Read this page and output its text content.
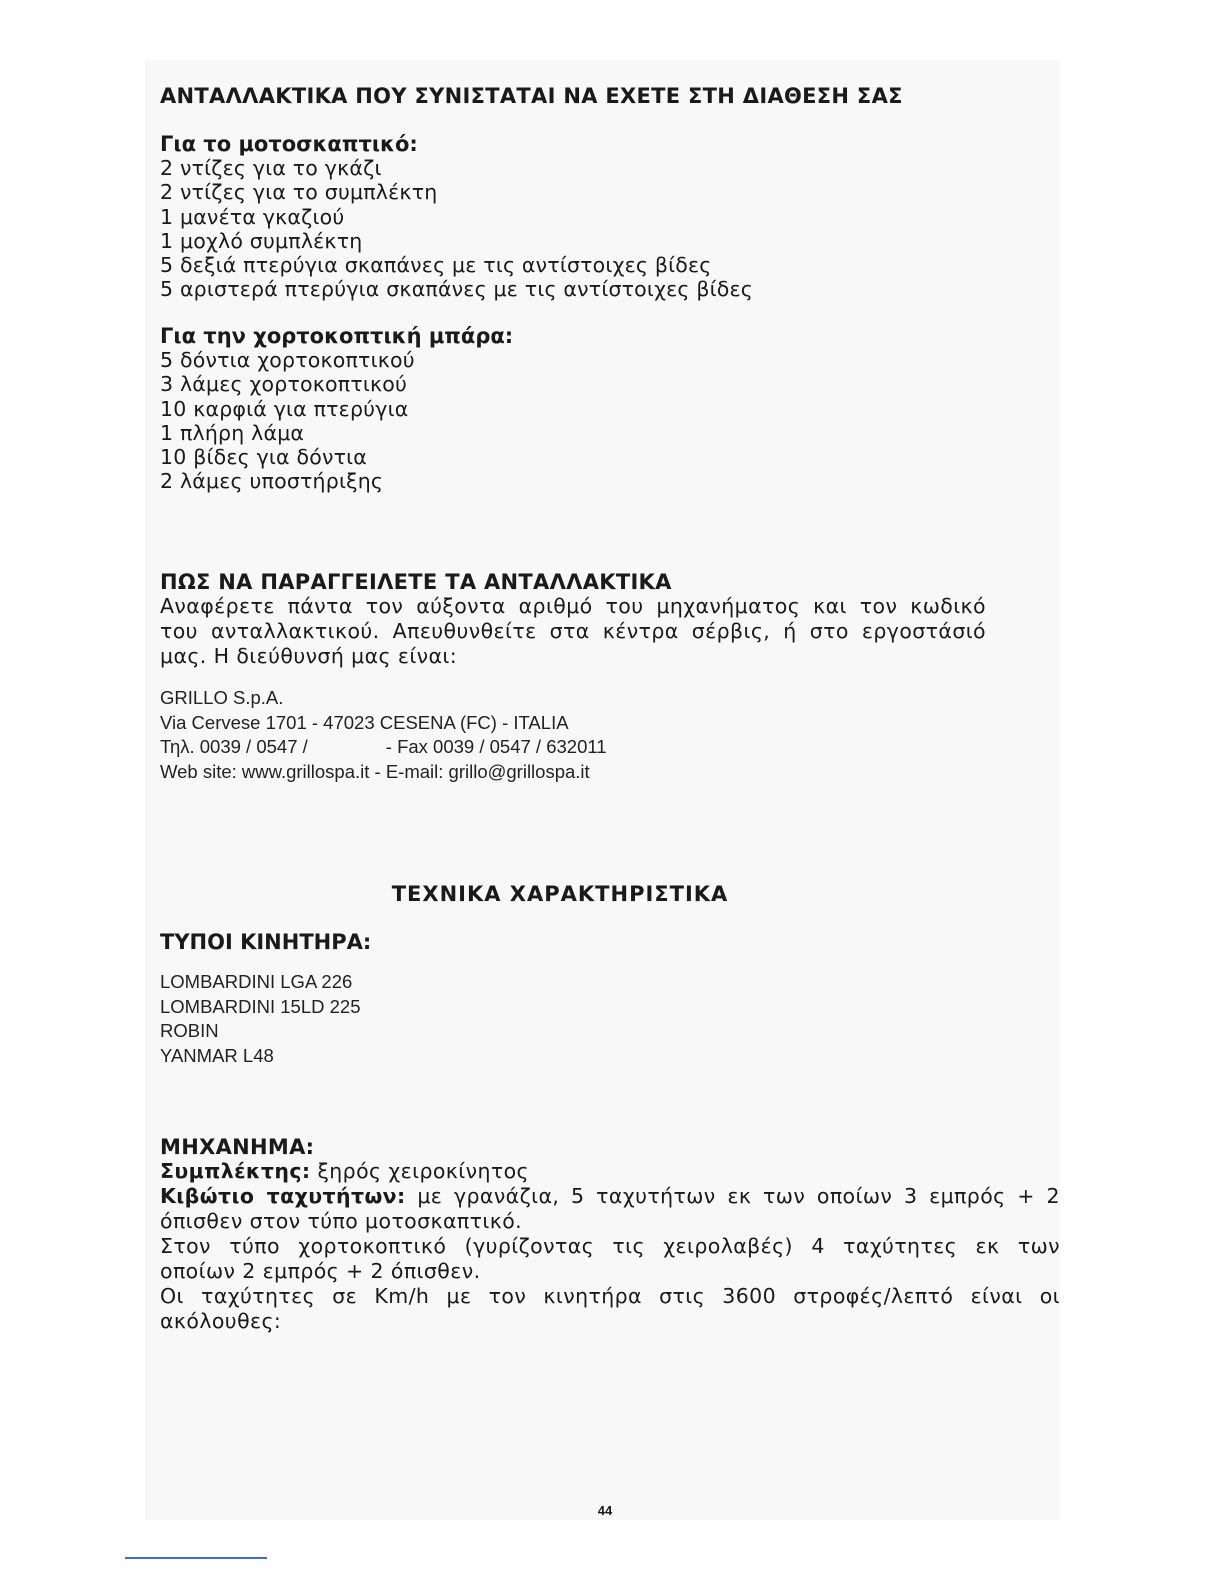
ΑΝΤΑΛΛΑΚΤΙΚΑ ΠΟΥ ΣΥΝΙΣΤΑΤΑΙ ΝΑ ΕΧΕΤΕ ΣΤΗ ΔΙΑΘΕΣΗ ΣΑΣ

Για το μοτοσκαπτικό:

2 ντίζες για το γκάζι
2 ντίζες για το συμπλέκτη
1 μανέτα γκαζιού
1 μοχλό συμπλέκτη
5 δεξιά πτερύγια σκαπάνες με τις αντίστοιχες βίδες
5 αριστερά πτερύγια σκαπάνες με τις αντίστοιχες βίδες

Για την χορτοκοπτική μπάρα:

5 δόντια χορτοκοπτικού
3 λάμες χορτοκοπτικού
10 καρφιά για πτερύγια
1 πλήρη λάμα
10 βίδες για δόντια
2 λάμες υποστήριξης

ΠΩΣ ΝΑ ΠΑΡΑΓΓΕΙΛΕΤΕ ΤΑ ΑΝΤΑΛΛΑΚΤΙΚΑ

Αναφέρετε πάντα τον αύξοντα αριθμό του μηχανήματος και τον κωδικό
του ανταλλακτικού. Απευθυνθείτε στα κέντρα σέρβις, ή στο εργοστάσιό
μας. Η διεύθυνσή μας είναι:
GRILLO S.p.A.
Via Cervese 1701 - 47023 CESENA (FC) - ITALIA
Τηλ. 0039 / 0547 /	- Fax 0039 / 0547 / 632011
Web site: www.grillospa.it - E-mail: grillo@grillospa.it

ΤΕΧΝΙΚΑ ΧΑΡΑΚΤΗΡΙΣΤΙΚΑ

ΤΥΠΟΙ ΚΙΝΗΤΗΡΑ:

LOMBARDINI LGA 226
LOMBARDINI 15LD 225
ROBIN
YANMAR L48

ΜΗΧΑΝΗΜΑ:

Συμπλέκτης: ξηρός χειροκίνητος
Κιβώτιο ταχυτήτων: με γρανάζια, 5 ταχυτήτων εκ των οποίων 3 εμπρός + 2
όπισθεν στον τύπο μοτοσκαπτικό.
Στον τύπο χορτοκοπτικό (γυρίζοντας τις χειρολαβές) 4 ταχύτητες εκ των
οποίων 2 εμπρός + 2 όπισθεν.
Οι ταχύτητες σε Km/h με τον κινητήρα στις 3600 στροφές/λεπτό είναι οι
ακόλουθες:
44
